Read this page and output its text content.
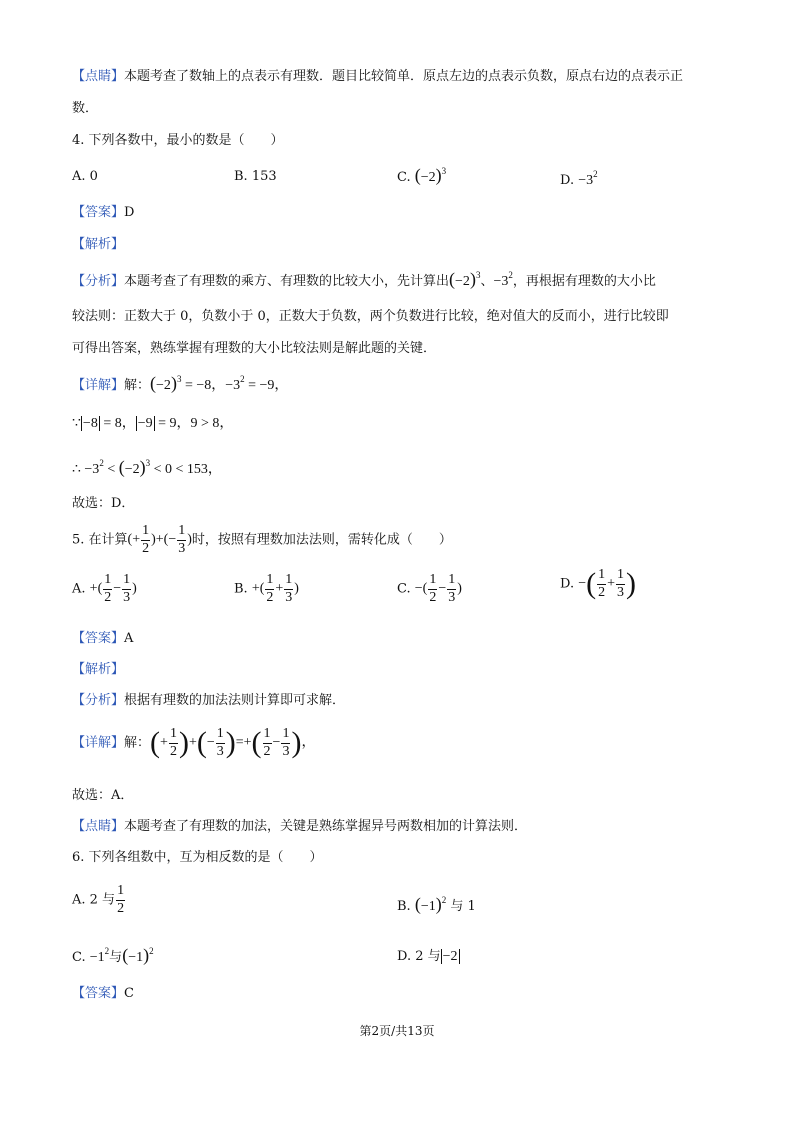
【点睛】本题考查了数轴上的点表示有理数．题目比较简单．原点左边的点表示负数，原点右边的点表示正
数．
4. 下列各数中，最小的数是（　　）
A. 0	B. 153	C. $(-2)^3$
D. $-3^2$
【答案】D
【解析】
【分析】本题考查了有理数的乘方、有理数的比较大小，先计算出$(-2)^3$、$-3^2$，再根据有理数的大小比
较法则：正数大于 0，负数小于 0，正数大于负数，两个负数进行比较，绝对值大的反而小，进行比较即
可得出答案，熟练掌握有理数的大小比较法则是解此题的关键．
【详解】解：$(-2)^3 = -8$，$-3^2 = -9$，
∵ −8 = 8， −9 = 9，9 > 8，
∴ $-3^2 < (-2)^3 < 0 < 153$，
故选：D．
5. 在计算(+ $\frac{1}{2}$ )+(− $\frac{1}{3}$ )时，按照有理数加法法则，需转化成（　　）
A. +( $\frac{1}{2} - \frac{1}{3}$ )	B. +( $\frac{1}{2} + \frac{1}{3}$ )	C. −( $\frac{1}{2} - \frac{1}{3}$ )	D. −( $\frac{1}{2} + \frac{1}{3}$ )
【答案】A
【解析】
【分析】根据有理数的加法法则计算即可求解．
【详解】解：(+ $\frac{1}{2}$ )+(− $\frac{1}{3}$ )=+( $\frac{1}{2} - \frac{1}{3}$ )，
故选：A．
【点睛】本题考查了有理数的加法，关键是熟练掌握异号两数相加的计算法则．
6. 下列各组数中，互为相反数的是（　　）
A. 2 与 $\frac{1}{2}$	B. $(-1)^2$ 与 1
C. $-1^2$与$(-1)^2$	D. 2 与 −2
【答案】C
第2页/共13页
